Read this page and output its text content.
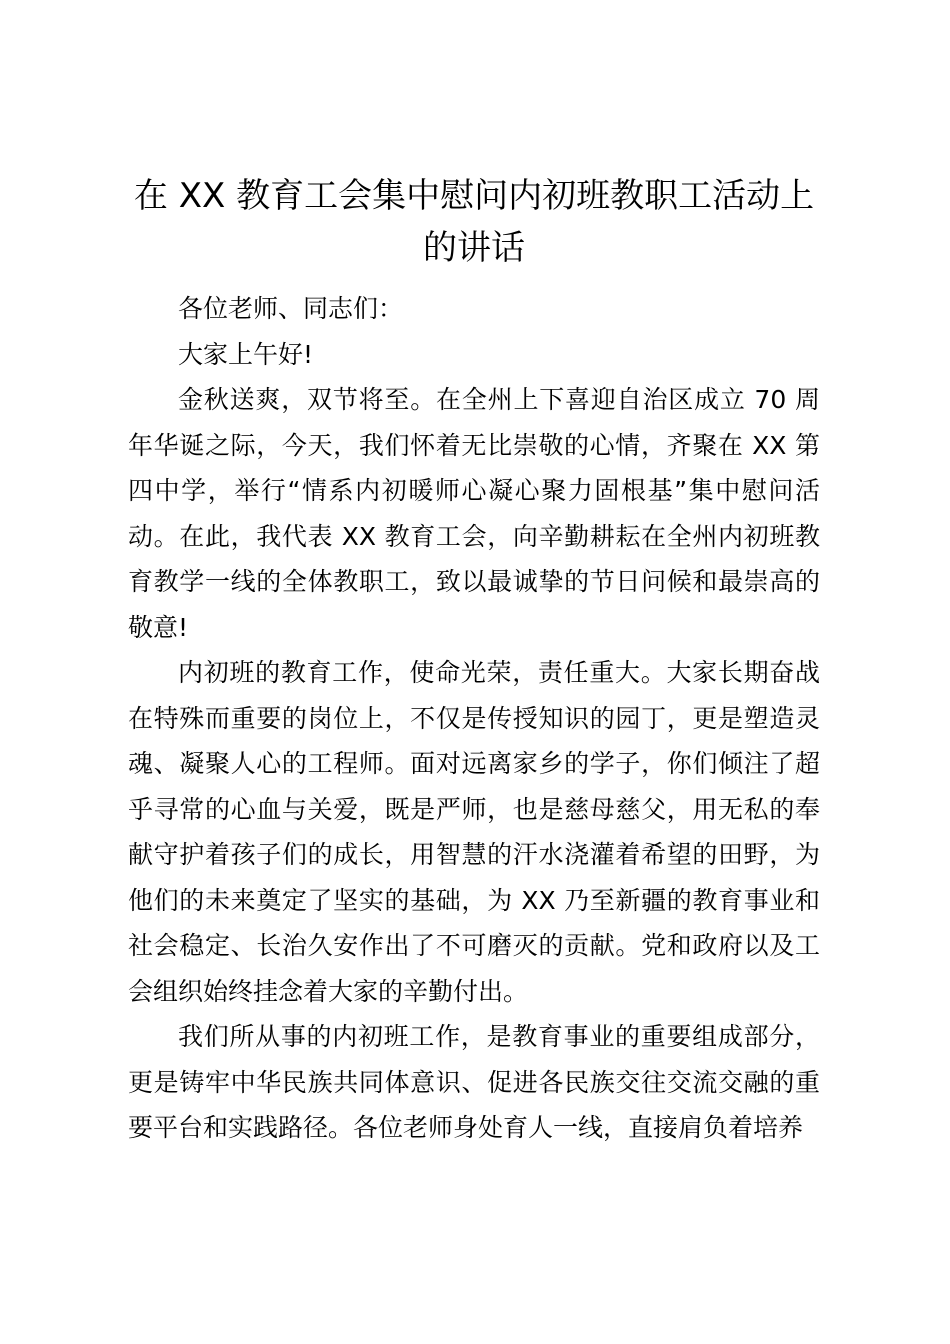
在 XX 教育工会集中慰问内初班教职工活动上的讲话

各位老师、同志们：

大家上午好!

金秋送爽，双节将至。在全州上下喜迎自治区成立 70 周年华诞之际，今天，我们怀着无比崇敬的心情，齐聚在 XX 第四中学，举行“情系内初暖师心凝心聚力固根基”集中慰问活动。在此，我代表 XX 教育工会，向辛勤耕耘在全州内初班教育教学一线的全体教职工，致以最诚挚的节日问候和最崇高的敬意!

内初班的教育工作，使命光荣，责任重大。大家长期奋战在特殊而重要的岗位上，不仅是传授知识的园丁，更是塑造灵魂、凝聚人心的工程师。面对远离家乡的学子，你们倾注了超乎寻常的心血与关爱，既是严师，也是慈母慈父，用无私的奉献守护着孩子们的成长，用智慧的汗水浇灌着希望的田野，为他们的未来奠定了坚实的基础，为 XX 乃至新疆的教育事业和社会稳定、长治久安作出了不可磨灭的贡献。党和政府以及工会组织始终挂念着大家的辛勤付出。

我们所从事的内初班工作，是教育事业的重要组成部分，更是铸牢中华民族共同体意识、促进各民族交往交流交融的重要平台和实践路径。各位老师身处育人一线，直接肩负着培养
